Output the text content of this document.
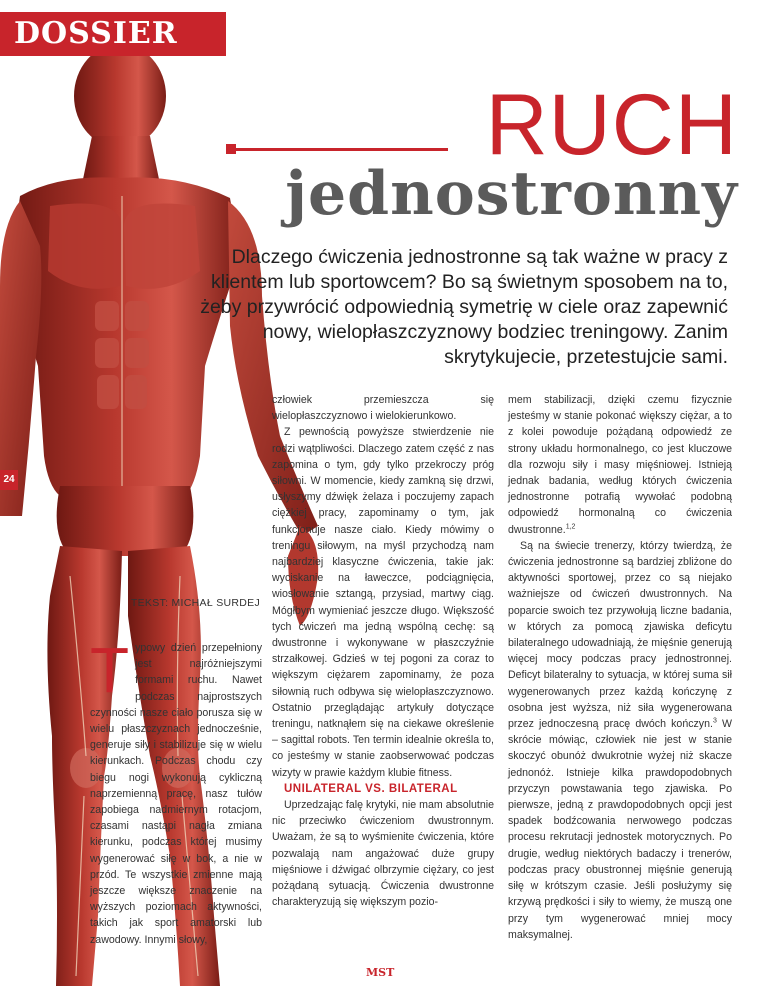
DOSSIER
RUCH
jednostronny
Dlaczego ćwiczenia jednostronne są tak ważne w pracy z klientem lub sportowcem? Bo są świetnym sposobem na to, żeby przywrócić odpowiednią symetrię w ciele oraz zapewnić nowy, wielopłaszczyznowy bodziec treningowy. Zanim skrytykujecie, przetestujcie sami.
24
TEKST: MICHAŁ SURDEJ

Typowy dzień przepełniony jest najróżniejszymi formami ruchu. Nawet podczas najprostszych czynności nasze ciało porusza się w wielu płaszczyznach jednocześnie, generuje siły i stabilizuje się w wielu kierunkach. Podczas chodu czy biegu nogi wykonują cykliczną naprzemienną pracę, nasz tułów zapobiega nadmiernym rotacjom, czasami nastąpi nagła zmiana kierunku, podczas której musimy wygenerować siłę w bok, a nie w przód. Te wszystkie zmienne mają jeszcze większe znaczenie na wyższych poziomach aktywności, takich jak sport amatorski lub zawodowy. Innymi słowy,

człowiek przemieszcza się wielopłaszczyznowo i wielokierunkowo.

Z pewnością powyższe stwierdzenie nie rodzi wątpliwości. Dlaczego zatem część z nas zapomina o tym, gdy tylko przekroczy próg siłowni. W momencie, kiedy zamkną się drzwi, usłyszymy dźwięk żelaza i poczujemy zapach ciężkiej pracy, zapominamy o tym, jak funkcjonuje nasze ciało. Kiedy mówimy o treningu siłowym, na myśl przychodzą nam najbardziej klasyczne ćwiczenia, takie jak: wyciskanie na ławeczce, podciągnięcia, wiosłowanie sztangą, przysiad, martwy ciąg. Mógłbym wymieniać jeszcze długo. Większość tych ćwiczeń ma jedną wspólną cechę: są dwustronne i wykonywane w płaszczyźnie strzałkowej. Gdzieś w tej pogoni za coraz to większym ciężarem zapominamy, że poza siłownią ruch odbywa się wielopłaszczyznowo. Ostatnio przeglądając artykuły dotyczące treningu, natknąłem się na ciekawe określenie – sagittal robots. Ten termin idealnie określa to, co jesteśmy w stanie zaobserwować podczas wizyty w prawie każdym klubie fitness.

UNILATERAL VS. BILATERAL

Uprzedzając falę krytyki, nie mam absolutnie nic przeciwko ćwiczeniom dwustronnym. Uważam, że są to wyśmienite ćwiczenia, które pozwalają nam angażować duże grupy mięśniowe i dźwigać olbrzymie ciężary, co jest pożądaną sytuacją. Ćwiczenia dwustronne charakteryzują się większym pozio-

mem stabilizacji, dzięki czemu fizycznie jesteśmy w stanie pokonać większy ciężar, a to z kolei powoduje pożądaną odpowiedź ze strony układu hormonalnego, co jest kluczowe dla rozwoju siły i masy mięśniowej. Istnieją jednak badania, według których ćwiczenia jednostronne potrafią wywołać podobną odpowiedź hormonalną co ćwiczenia dwustronne.$^{1,2}$

Są na świecie trenerzy, którzy twierdzą, że ćwiczenia jednostronne są bardziej zbliżone do aktywności sportowej, przez co są niejako ważniejsze od ćwiczeń dwustronnych. Na poparcie swoich tez przywołują liczne badania, w których za pomocą zjawiska deficytu bilateralnego udowadniają, że mięśnie generują więcej mocy podczas pracy jednostronnej. Deficyt bilateralny to sytuacja, w której suma sił wygenerowanych przez każdą kończynę z osobna jest wyższa, niż siła wygenerowana przez jednoczesną pracę dwóch kończyn.$^3$ W skrócie mówiąc, człowiek nie jest w stanie skoczyć obunóż dwukrotnie wyżej niż skacze jednonóż. Istnieje kilka prawdopodobnych przyczyn powstawania tego zjawiska. Po pierwsze, jedną z prawdopodobnych opcji jest spadek bodźcowania nerwowego podczas procesu rekrutacji jednostek motorycznych. Po drugie, według niektórych badaczy i trenerów, podczas pracy obustronnej mięśnie generują siłę w krótszym czasie. Jeśli posłużymy się krzywą prędkości i siły to wiemy, że muszą one przy tym wygenerować mniej mocy maksymalnej.

MST
